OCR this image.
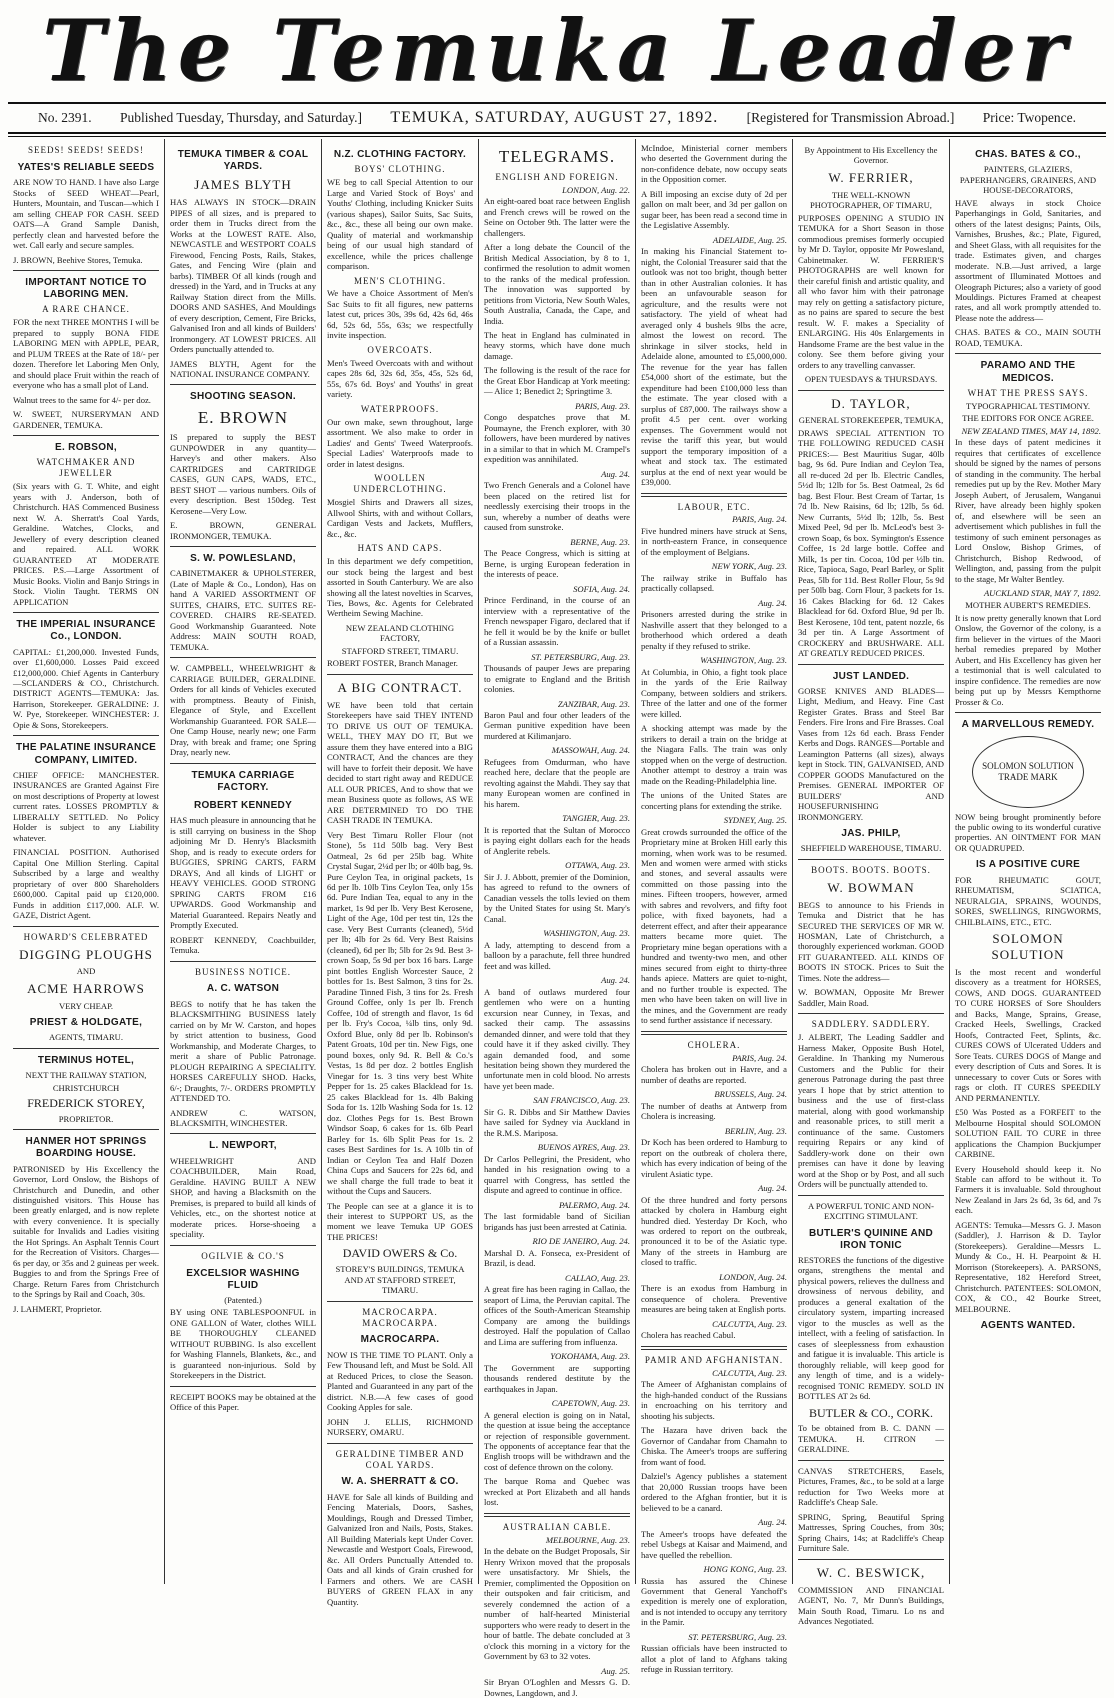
The Temuka Leader
No. 2391. Published Tuesday, Thursday, and Saturday.] TEMUKA, SATURDAY, AUGUST 27, 1892. [Registered for Transmission Abroad.] Price: Twopence.
SEEDS! SEEDS! SEEDS!
YATES'S RELIABLE SEEDS

ARE NOW TO HAND. I have also Large Stocks of SEED WHEAT—Pearl, Hunters, Mountain, and Tuscan—which I am selling CHEAP FOR CASH. SEED OATS—A Grand Sample Danish, perfectly clean and harvested before the wet. Call early and secure samples.

J. BROWN, Beehive Stores, Temuka.

IMPORTANT NOTICE TO LABORING MEN.
A RARE CHANCE.

FOR the next THREE MONTHS I will be prepared to supply BONA FIDE LABORING MEN with APPLE, PEAR, and PLUM TREES at the Rate of 18/- per dozen. Therefore let Laboring Men Only, and should place Fruit within the reach of everyone who has a small plot of Land.

Walnut trees to the same for 4/- per doz.

W. SWEET, NURSERYMAN AND GARDENER, TEMUKA.

E. ROBSON,
WATCHMAKER AND JEWELLER

(Six years with G. T. White, and eight years with J. Anderson, both of Christchurch. HAS Commenced Business next W. A. Sherratt's Coal Yards, Geraldine. Watches, Clocks, and Jewellery of every description cleaned and repaired. ALL WORK GUARANTEED AT MODERATE PRICES. P.S.—Large Assortment of Music Books. Violin and Banjo Strings in Stock. Violin Taught. TERMS ON APPLICATION

THE IMPERIAL INSURANCE Co., LONDON.

CAPITAL: £1,200,000. Invested Funds, over £1,600,000. Losses Paid exceed £12,000,000. Chief Agents in Canterbury—SCLANDERS & CO., Christchurch. DISTRICT AGENTS—TEMUKA: Jas. Harrison, Storekeeper. GERALDINE: J. W. Pye, Storekeeper. WINCHESTER: J. Opie & Sons, Storekeepers.

THE PALATINE INSURANCE COMPANY, LIMITED.

CHIEF OFFICE: MANCHESTER. INSURANCES are Granted Against Fire on most descriptions of Property at lowest current rates. LOSSES PROMPTLY & LIBERALLY SETTLED. No Policy Holder is subject to any Liability whatever.

FINANCIAL POSITION. Authorised Capital One Million Sterling. Capital Subscribed by a large and wealthy proprietary of over 800 Shareholders £600,000. Capital paid up £120,000. Funds in addition £117,000. ALF. W. GAZE, District Agent.

HOWARD'S CELEBRATED
DIGGING PLOUGHS
AND
ACME HARROWS
VERY CHEAP.
PRIEST & HOLDGATE,
AGENTS, TIMARU.
TERMINUS HOTEL,
NEXT THE RAILWAY STATION,
CHRISTCHURCH
FREDERICK STOREY,
PROPRIETOR.
HANMER HOT SPRINGS BOARDING HOUSE.

PATRONISED by His Excellency the Governor, Lord Onslow, the Bishops of Christchurch and Dunedin, and other distinguished visitors. This House has been greatly enlarged, and is now replete with every convenience. It is specially suitable for Invalids and Ladies visiting the Hot Springs. An Asphalt Tennis Court for the Recreation of Visitors. Charges—6s per day, or 35s and 2 guineas per week. Buggies to and from the Springs Free of Charge. Return Fares from Christchurch to the Springs by Rail and Coach, 30s.

J. LAHMERT, Proprietor.

TEMUKA TIMBER & COAL YARDS.
JAMES BLYTH

HAS ALWAYS IN STOCK—DRAIN PIPES of all sizes, and is prepared to order them in Trucks direct from the Works at the LOWEST RATE. Also, NEWCASTLE and WESTPORT COALS Firewood, Fencing Posts, Rails, Stakes, Gates, and Fencing Wire (plain and barbs). TIMBER Of all kinds (rough and dressed) in the Yard, and in Trucks at any Railway Station direct from the Mills. DOORS AND SASHES, And Mouldings of every description, Cement, Fire Bricks, Galvanised Iron and all kinds of Builders' Ironmongery. AT LOWEST PRICES. All Orders punctually attended to.

JAMES BLYTH, Agent for the NATIONAL INSURANCE COMPANY.

SHOOTING SEASON.
E. BROWN

IS prepared to supply the BEST GUNPOWDER in any quantity—Harvey's and other makers. Also CARTRIDGES and CARTRIDGE CASES, GUN CAPS, WADS, ETC., BEST SHOT — various numbers. Oils of every description. Best 150deg. Test Kerosene—Very Low.

E. BROWN, GENERAL IRONMONGER, TEMUKA.

S. W. POWLESLAND,

CABINETMAKER & UPHOLSTERER, (Late of Maple & Co., London), Has on hand A VARIED ASSORTMENT OF SUITES, CHAIRS, ETC. SUITES RE-COVERED. CHAIRS RE-SEATED. Good Workmanship Guaranteed. Note Address: MAIN SOUTH ROAD, TEMUKA.

W. CAMPBELL, WHEELWRIGHT & CARRIAGE BUILDER, GERALDINE. Orders for all kinds of Vehicles executed with promptness. Beauty of Finish, Elegance of Style, and Excellent Workmanship Guaranteed. FOR SALE—One Camp House, nearly new; one Farm Dray, with break and frame; one Spring Dray, nearly new.

TEMUKA CARRIAGE FACTORY.
ROBERT KENNEDY

HAS much pleasure in announcing that he is still carrying on business in the Shop adjoining Mr D. Henry's Blacksmith Shop, and is ready to execute orders for BUGGIES, SPRING CARTS, FARM DRAYS, And all kinds of LIGHT or HEAVY VEHICLES. GOOD STRONG SPRING CARTS FROM £16 UPWARDS. Good Workmanship and Material Guaranteed. Repairs Neatly and Promptly Executed.

ROBERT KENNEDY, Coachbuilder, Temuka.

BUSINESS NOTICE.
A. C. WATSON

BEGS to notify that he has taken the BLACKSMITHING BUSINESS lately carried on by Mr W. Carston, and hopes by strict attention to business, Good Workmanship, and Moderate Charges, to merit a share of Public Patronage. PLOUGH REPAIRING A SPECIALITY. HORSES CAREFULLY SHOD. Hacks, 6/-; Draughts, 7/-. ORDERS PROMPTLY ATTENDED TO.

ANDREW C. WATSON, BLACKSMITH, WINCHESTER.

L. NEWPORT,

WHEELWRIGHT AND COACHBUILDER, Main Road, Geraldine. HAVING BUILT A NEW SHOP, and having a Blacksmith on the Premises, is prepared to build all kinds of Vehicles, etc., on the shortest notice at moderate prices. Horse-shoeing a speciality.

OGILVIE & CO.'S
EXCELSIOR WASHING FLUID
(Patented.)

BY using ONE TABLESPOONFUL in ONE GALLON of Water, clothes WILL BE THOROUGHLY CLEANED WITHOUT RUBBING. Is also excellent for Washing Flannels, Blankets, &c., and is guaranteed non-injurious. Sold by Storekeepers in the District.

RECEIPT BOOKS may be obtained at the Office of this Paper.

N.Z. CLOTHING FACTORY.
BOYS' CLOTHING.

WE beg to call Special Attention to our Large and Varied Stock of Boys' and Youths' Clothing, including Knicker Suits (various shapes), Sailor Suits, Sac Suits, &c., &c., these all being our own make. Quality of material and workmanship being of our usual high standard of excellence, while the prices challenge comparison.

MEN'S CLOTHING.

We have a Choice Assortment of Men's Sac Suits to fit all figures, new patterns latest cut, prices 30s, 39s 6d, 42s 6d, 46s 6d, 52s 6d, 55s, 63s; we respectfully invite inspection.

OVERCOATS.

Men's Tweed Overcoats with and without capes 28s 6d, 32s 6d, 35s, 45s, 52s 6d, 55s, 67s 6d. Boys' and Youths' in great variety.

WATERPROOFS.

Our own make, sewn throughout, large assortment. We also make to order in Ladies' and Gents' Tweed Waterproofs. Special Ladies' Waterproofs made to order in latest designs.

WOOLLEN UNDERCLOTHING.

Mosgiel Shirts and Drawers all sizes, Allwool Shirts, with and without Collars, Cardigan Vests and Jackets, Mufflers, &c., &c.

HATS AND CAPS.

In this department we defy competition, our stock being the largest and best assorted in South Canterbury. We are also showing all the latest novelties in Scarves, Ties, Bows, &c. Agents for Celebrated Wertheim Sewing Machine.

NEW ZEALAND CLOTHING FACTORY,
STAFFORD STREET, TIMARU.

ROBERT FOSTER, Branch Manager.

A BIG CONTRACT.

WE have been told that certain Storekeepers have said THEY INTEND TO DRIVE US OUT OF TEMUKA. WELL, THEY MAY DO IT, But we assure them they have entered into a BIG CONTRACT, And the chances are they will have to forfeit their deposit. We have decided to start right away and REDUCE ALL OUR PRICES, And to show that we mean Business quote as follows, AS WE ARE DETERMINED TO DO THE CASH TRADE IN TEMUKA.

Very Best Timaru Roller Flour (not Stone), 5s 11d 50lb bag. Very Best Oatmeal, 2s 6d per 25lb bag. White Crystal Sugar, 2¼d per lb; or 40lb bag, 9s. Pure Ceylon Tea, in original packets, 1s 6d per lb. 10lb Tins Ceylon Tea, only 15s 6d. Pure Indian Tea, equal to any in the market, 1s 9d per lb. Very Best Kerosene, Light of the Age, 10d per test tin, 12s the case. Very Best Currants (cleaned), 5½d per lb; 4lb for 2s 6d. Very Best Raisins (cleaned), 6d per lb; 5lb for 2s 9d. Best 3-crown Soap, 5s 9d per box 16 bars. Large pint bottles English Worcester Sauce, 2 bottles for 1s. Best Salmon, 3 tins for 2s. Paradine Tinned Fish, 3 tins for 2s. Fresh Ground Coffee, only 1s per lb. French Coffee, 10d of strength and flavor, 1s 6d per lb. Fry's Cocoa, ¼lb tins, only 9d. Oxford Blue, only 8d per lb. Robinson's Patent Groats, 10d per tin. New Figs, one pound boxes, only 9d. R. Bell & Co.'s Vestas, 1s 8d per doz. 2 bottles English Vinegar for 1s. 3 tins very best White Pepper for 1s. 25 cakes Blacklead for 1s. 25 cakes Blacklead for 1s. 4lb Baking Soda for 1s. 12lb Washing Soda for 1s. 12 doz. Clothes Pegs for 1s. Best Brown Windsor Soap, 6 cakes for 1s. 6lb Pearl Barley for 1s. 6lb Split Peas for 1s. 2 cases Best Sardines for 1s. A 10lb tin of Indian or Ceylon Tea and Half Dozen China Cups and Saucers for 22s 6d, and we shall charge the full trade to beat it without the Cups and Saucers.

The People can see at a glance it is to their interest to SUPPORT US, as the moment we leave Temuka UP GOES THE PRICES!

DAVID OWERS & Co.
STOREY'S BUILDINGS, TEMUKA AND AT STAFFORD STREET, TIMARU.
MACROCARPA. MACROCARPA.
MACROCARPA.

NOW IS THE TIME TO PLANT. Only a Few Thousand left, and Must be Sold. All at Reduced Prices, to close the Season. Planted and Guaranteed in any part of the district. N.B.—A few cases of good Cooking Apples for sale.

JOHN J. ELLIS, RICHMOND NURSERY, OMARU.

GERALDINE TIMBER AND COAL YARDS.
W. A. SHERRATT & CO.

HAVE for Sale all kinds of Building and Fencing Materials, Doors, Sashes, Mouldings, Rough and Dressed Timber, Galvanized Iron and Nails, Posts, Stakes. All Building Materials kept Under Cover. Newcastle and Westport Coals, Firewood, &c. All Orders Punctually Attended to. Oats and all kinds of Grain crushed for Farmers and others. We are CASH BUYERS of GREEN FLAX in any Quantity.

TELEGRAMS.
ENGLISH AND FOREIGN.
LONDON, Aug. 22.

An eight-oared boat race between English and French crews will be rowed on the Seine on October 9th. The latter were the challengers.

After a long debate the Council of the British Medical Association, by 8 to 1, confirmed the resolution to admit women to the ranks of the medical profession. The innovation was supported by petitions from Victoria, New South Wales, South Australia, Canada, the Cape, and India.

The heat in England has culminated in heavy storms, which have done much damage.

The following is the result of the race for the Great Ebor Handicap at York meeting:— Alice 1; Benedict 2; Springtime 3.

PARIS, Aug. 23.

Congo despatches prove that M. Poumayne, the French explorer, with 30 followers, have been murdered by natives in a similar to that in which M. Crampel's expedition was annihilated.

Aug. 24.

Two French Generals and a Colonel have been placed on the retired list for needlessly exercising their troops in the sun, whereby a number of deaths were caused from sunstroke.

BERNE, Aug. 23.

The Peace Congress, which is sitting at Berne, is urging European federation in the interests of peace.

SOFIA, Aug. 24.

Prince Ferdinand, in the course of an interview with a representative of the French newspaper Figaro, declared that if he fell it would be by the knife or bullet of a Russian assassin.

ST. PETERSBURG, Aug. 23.

Thousands of pauper Jews are preparing to emigrate to England and the British colonies.

ZANZIBAR, Aug. 23.

Baron Paul and four other leaders of the German punitive expedition have been murdered at Kilimanjaro.

MASSOWAH, Aug. 24.

Refugees from Omdurman, who have reached here, declare that the people are revolting against the Mahdi. They say that many European women are confined in his harem.

TANGIER, Aug. 23.

It is reported that the Sultan of Morocco is paying eight dollars each for the heads of Anglerite rebels.

OTTAWA, Aug. 23.

Sir J. J. Abbott, premier of the Dominion, has agreed to refund to the owners of Canadian vessels the tolls levied on them by the United States for using St. Mary's Canal.

WASHINGTON, Aug. 23.

A lady, attempting to descend from a balloon by a parachute, fell three hundred feet and was killed.

Aug. 24.

A band of outlaws murdered four gentlemen who were on a hunting excursion near Cunney, in Texas, and sacked their camp. The assassins demanded dinner, and were told that they could have it if they asked civilly. They again demanded food, and some hesitation being shown they murdered the unfortunate men in cold blood. No arrests have yet been made.

SAN FRANCISCO, Aug. 23.

Sir G. R. Dibbs and Sir Matthew Davies have sailed for Sydney via Auckland in the R.M.S. Mariposa.

BUENOS AYRES, Aug. 23.

Dr Carlos Pellegrini, the President, who handed in his resignation owing to a quarrel with Congress, has settled the dispute and agreed to continue in office.

PALERMO, Aug. 24.

The last formidable band of Sicilian brigands has just been arrested at Catinia.

RIO DE JANEIRO, Aug. 24.

Marshal D. A. Fonseca, ex-President of Brazil, is dead.

CALLAO, Aug. 23.

A great fire has been raging in Callao, the seaport of Lima, the Peruvian capital. The offices of the South-American Steamship Company are among the buildings destroyed. Half the population of Callao and Lima are suffering from influenza.

YOKOHAMA, Aug. 23.

The Government are supporting thousands rendered destitute by the earthquakes in Japan.

CAPETOWN, Aug. 23.

A general election is going on in Natal, the question at issue being the acceptance or rejection of responsible government. The opponents of acceptance fear that the English troops will be withdrawn and the cost of defence thrown on the colony.

The barque Roma and Quebec was wrecked at Port Elizabeth and all hands lost.

AUSTRALIAN CABLE.
MELBOURNE, Aug. 23.

In the debate on the Budget Proposals, Sir Henry Wrixon moved that the proposals were unsatisfactory. Mr Shiels, the Premier, complimented the Opposition on their outspoken and fair criticism, and severely condemned the action of a number of half-hearted Ministerial supporters who were ready to desert in the hour of battle. The debate concluded at 3 o'clock this morning in a victory for the Government by 63 to 32 votes.

Aug. 25.

Sir Bryan O'Loghlen and Messrs G. D. Downes, Langdown, and J.

McIndoe, Ministerial corner members who deserted the Government during the non-confidence debate, now occupy seats in the Opposition corner.

A Bill imposing an excise duty of 2d per gallon on malt beer, and 3d per gallon on sugar beer, has been read a second time in the Legislative Assembly.

ADELAIDE, Aug. 25.

In making his Financial Statement to-night, the Colonial Treasurer said that the outlook was not too bright, though better than in other Australian colonies. It has been an unfavourable season for agriculture, and the results were not satisfactory. The yield of wheat had averaged only 4 bushels 9lbs the acre, almost the lowest on record. The shrinkage in silver stocks, held in Adelaide alone, amounted to £5,000,000. The revenue for the year has fallen £54,000 short of the estimate, but the expenditure had been £100,000 less than the estimate. The year closed with a surplus of £87,000. The railways show a profit 4.5 per cent. over working expenses. The Government would not revise the tariff this year, but would support the temporary imposition of a wheat and stock tax. The estimated surplus at the end of next year would be £39,000.

LABOUR, ETC.
PARIS, Aug. 24.

Five hundred miners have struck at Sens, in north-eastern France, in consequence of the employment of Belgians.

NEW YORK, Aug. 23.

The railway strike in Buffalo has practically collapsed.

Aug. 24.

Prisoners arrested during the strike in Nashville assert that they belonged to a brotherhood which ordered a death penalty if they refused to strike.

WASHINGTON, Aug. 23.

At Columbia, in Ohio, a fight took place in the yards of the Erie Railway Company, between soldiers and strikers. Three of the latter and one of the former were killed.

A shocking attempt was made by the strikers to derail a train on the bridge at the Niagara Falls. The train was only stopped when on the verge of destruction. Another attempt to destroy a train was made on the Reading-Philadelphia line.

The unions of the United States are concerting plans for extending the strike.

SYDNEY, Aug. 25.

Great crowds surrounded the office of the Proprietary mine at Broken Hill early this morning, when work was to be resumed. Men and women were armed with sticks and stones, and several assaults were committed on those passing into the mines. Fifteen troopers, however, armed with sabres and revolvers, and fifty foot police, with fixed bayonets, had a deterrent effect, and after their appearance matters became more quiet. The Proprietary mine began operations with a hundred and twenty-two men, and other mines secured from eight to thirty-three hands apiece. Matters are quiet to-night, and no further trouble is expected. The men who have been taken on will live in the mines, and the Government are ready to send further assistance if necessary.

CHOLERA.
PARIS, Aug. 24.

Cholera has broken out in Havre, and a number of deaths are reported.

BRUSSELS, Aug. 24.

The number of deaths at Antwerp from Cholera is increasing.

BERLIN, Aug. 23.

Dr Koch has been ordered to Hamburg to report on the outbreak of cholera there, which has every indication of being of the virulent Asiatic type.

Aug. 24.

Of the three hundred and forty persons attacked by cholera in Hamburg eight hundred died. Yesterday Dr Koch, who was ordered to report on the outbreak, pronounced it to be of the Asiatic type. Many of the streets in Hamburg are closed to traffic.

LONDON, Aug. 24.

There is an exodus from Hamburg in consequence of cholera. Preventive measures are being taken at English ports.

CALCUTTA, Aug. 23.

Cholera has reached Cabul.

PAMIR AND AFGHANISTAN.
CALCUTTA, Aug. 23.

The Ameer of Afghanistan complains of the high-handed conduct of the Russians in encroaching on his territory and shooting his subjects.

The Hazara have driven back the Governor of Candahar from Chamahn to Chiska. The Ameer's troops are suffering from want of food.

Dalziel's Agency publishes a statement that 20,000 Russian troops have been ordered to the Afghan frontier, but it is believed to be a canard.

Aug. 24.

The Ameer's troops have defeated the rebel Usbegs at Kaisar and Maimend, and have quelled the rebellion.

HONG KONG, Aug. 23.

Russia has assured the Chinese Government that General Yanchoff's expedition is merely one of exploration, and is not intended to occupy any territory in the Pamir.

ST. PETERSBURG, Aug. 23.

Russian officials have been instructed to allot a plot of land to Afghans taking refuge in Russian territory.

By Appointment to His Excellency the Governor.
W. FERRIER,
THE WELL-KNOWN PHOTOGRAPHER, OF TIMARU,

PURPOSES OPENING A STUDIO IN TEMUKA for a Short Season in those commodious premises formerly occupied by Mr D. Taylor, opposite Mr Powesland, Cabinetmaker. W. FERRIER'S PHOTOGRAPHS are well known for their careful finish and artistic quality, and all who favor him with their patronage may rely on getting a satisfactory picture, as no pains are spared to secure the best result. W. F. makes a Speciality of ENLARGING. His 40s Enlargements in Handsome Frame are the best value in the colony. See them before giving your orders to any travelling canvasser.

OPEN TUESDAYS & THURSDAYS.
D. TAYLOR,
GENERAL STOREKEEPER, TEMUKA,

DRAWS SPECIAL ATTENTION TO THE FOLLOWING REDUCED CASH PRICES:— Best Mauritius Sugar, 40lb bag, 9s 6d. Pure Indian and Ceylon Tea, all re-duced 2d per lb. Electric Candles, 5½d lb; 12lb for 5s. Best Oatmeal, 2s 6d bag. Best Flour. Best Cream of Tartar, 1s 7d lb. New Raisins, 6d lb; 12lb, 5s 6d. New Currants, 5½d lb; 12lb, 5s. Best Mixed Peel, 9d per lb. McLeod's best 3-crown Soap, 6s box. Symington's Essence Coffee, 1s 2d large bottle. Coffee and Milk, 1s per tin. Cocoa, 10d per ½lb tin. Rice, Tapioca, Sago, Pearl Barley, or Split Peas, 5lb for 11d. Best Roller Flour, 5s 9d per 50lb bag. Corn Flour, 3 packets for 1s. 16 Cakes Blacking for 6d. 12 Cakes Blacklead for 6d. Oxford Blue, 9d per lb. Best Kerosene, 10d tent, patent nozzle, 6s 3d per tin. A Large Assortment of CROCKERY and BRUSHWARE. ALL AT GREATLY REDUCED PRICES.

JUST LANDED.

GORSE KNIVES AND BLADES—Light, Medium, and Heavy. Fine Cast Register Grates. Brass and Steel Bar Fenders. Fire Irons and Fire Brasses. Coal Vases from 12s 6d each. Brass Fender Kerbs and Dogs. RANGES—Portable and Leamington Patterns (all sizes), always kept in Stock. TIN, GALVANISED, AND COPPER GOODS Manufactured on the Premises. GENERAL IMPORTER OF BUILDERS' AND HOUSEFURNISHING IRONMONGERY.

JAS. PHILP,
SHEFFIELD WAREHOUSE, TIMARU.
BOOTS. BOOTS. BOOTS.
W. BOWMAN

BEGS to announce to his Friends in Temuka and District that he has SECURED THE SERVICES OF MR W. HOSMAN, Late of Christchurch, a thoroughly experienced workman. GOOD FIT GUARANTEED. ALL KINDS OF BOOTS IN STOCK. Prices to Suit the Times. Note the address—

W. BOWMAN, Opposite Mr Brewer Saddler, Main Road.

SADDLERY. SADDLERY.

J. ALBERT, The Leading Saddler and Harness Maker, Opposite Bush Hotel, Geraldine. In Thanking my Numerous Customers and the Public for their generous Patronage during the past three years I hope that by strict attention to business and the use of first-class material, along with good workmanship and reasonable prices, to still merit a continuance of the same. Customers requiring Repairs or any kind of Saddlery-work done on their own premises can have it done by leaving word at the Shop or by Post, and all such Orders will be punctually attended to.

A POWERFUL TONIC AND NON-EXCITING STIMULANT.
BUTLER'S QUININE AND IRON TONIC

RESTORES the functions of the digestive organs, strengthens the mental and physical powers, relieves the dullness and drowsiness of nervous debility, and produces a general exaltation of the circulatory system, imparting increased vigor to the muscles as well as the intellect, with a feeling of satisfaction. In cases of sleeplessness from exhaustion and fatigue it is invaluable. This article is thoroughly reliable, will keep good for any length of time, and is a widely-recognised TONIC REMEDY. SOLD IN BOTTLES AT 2s 6d.

BUTLER & CO., CORK.

To be obtained from B. C. DANN — TEMUKA. H. CITRON — GERALDINE.

CANVAS STRETCHERS, Easels, Pictures, Frames, &c., to be sold at a large reduction for Two Weeks more at Radcliffe's Cheap Sale.

SPRING, Spring, Beautiful Spring Mattresses, Spring Couches, from 30s; Spring Chairs, 14s; at Radcliffe's Cheap Furniture Sale.

W. C. BESWICK,

COMMISSION AND FINANCIAL AGENT, No. 7, Mr Dunn's Buildings, Main South Road, Timaru. Lo ns and Advances Negotiated.

CHAS. BATES & CO.,
PAINTERS, GLAZIERS, PAPERHANGERS, GRAINERS, AND HOUSE-DECORATORS,

HAVE always in stock Choice Paperhangings in Gold, Sanitaries, and others of the latest designs; Paints, Oils, Varnishes, Brushes, &c.; Plate, Figured, and Sheet Glass, with all requisites for the trade. Estimates given, and charges moderate. N.B.—Just arrived, a large assortment of Illuminated Mottoes and Oleograph Pictures; also a variety of good Mouldings. Pictures Framed at cheapest rates, and all work promptly attended to. Please note the address—

CHAS. BATES & CO., MAIN SOUTH ROAD, TEMUKA.

PARAMO AND THE MEDICOS.
WHAT THE PRESS SAYS.
TYPOGRAPHICAL TESTIMONY.
THE EDITORS FOR ONCE AGREE.
NEW ZEALAND TIMES, MAY 14, 1892.

In these days of patent medicines it requires that certificates of excellence should be signed by the names of persons of standing in the community. The herbal remedies put up by the Rev. Mother Mary Joseph Aubert, of Jerusalem, Wanganui River, have already been highly spoken of, and elsewhere will be seen an advertisement which publishes in full the testimony of such eminent personages as Lord Onslow, Bishop Grimes, of Christchurch, Bishop Redwood, of Wellington, and, passing from the pulpit to the stage, Mr Walter Bentley.

AUCKLAND STAR, MAY 7, 1892.
MOTHER AUBERT'S REMEDIES.

It is now pretty generally known that Lord Onslow, the Governor of the colony, is a firm believer in the virtues of the Maori herbal remedies prepared by Mother Aubert, and His Excellency has given her a testimonial that is well calculated to inspire confidence. The remedies are now being put up by Messrs Kempthorne Prosser & Co.

A MARVELLOUS REMEDY.
SOLOMON SOLUTION TRADE MARK

NOW being brought prominently before the public owing to its wonderful curative properties. AN OINTMENT FOR MAN OR QUADRUPED.

IS A POSITIVE CURE

FOR RHEUMATIC GOUT, RHEUMATISM, SCIATICA, NEURALGIA, SPRAINS, WOUNDS, SORES, SWELLINGS, RINGWORMS, CHILBLAINS, ETC., ETC.

SOLOMON SOLUTION

Is the most recent and wonderful discovery as a treatment for HORSES, COWS, AND DOGS. GUARANTEED TO CURE HORSES of Sore Shoulders and Backs, Mange, Sprains, Grease, Cracked Heels, Swellings, Cracked Hoofs, Contracted Feet, Splints, &c. CURES COWS of Ulcerated Udders and Sore Teats. CURES DOGS of Mange and every description of Cuts and Sores. It is unnecessary to cover Cuts or Sores with rags or cloth. IT CURES SPEEDILY AND PERMANENTLY.

£50 Was Posted as a FORFEIT to the Melbourne Hospital should SOLOMON SOLUTION FAIL TO CURE in three applications the Champion Buckjumper CARBINE.

Every Household should keep it. No Stable can afford to be without it. To Farmers it is invaluable. Sold throughout New Zealand in Jars 2s 6d, 3s 6d, and 7s each.

AGENTS: Temuka—Messrs G. J. Mason (Saddler), J. Harrison & D. Taylor (Storekeepers). Geraldine—Messrs L. Mundy & Co., H. H. Pearpoint & H. Morrison (Storekeepers). A. PARSONS, Representative, 182 Hereford Street, Christchurch. PATENTEES: SOLOMON, COX, & CO., 42 Bourke Street, MELBOURNE.

AGENTS WANTED.
